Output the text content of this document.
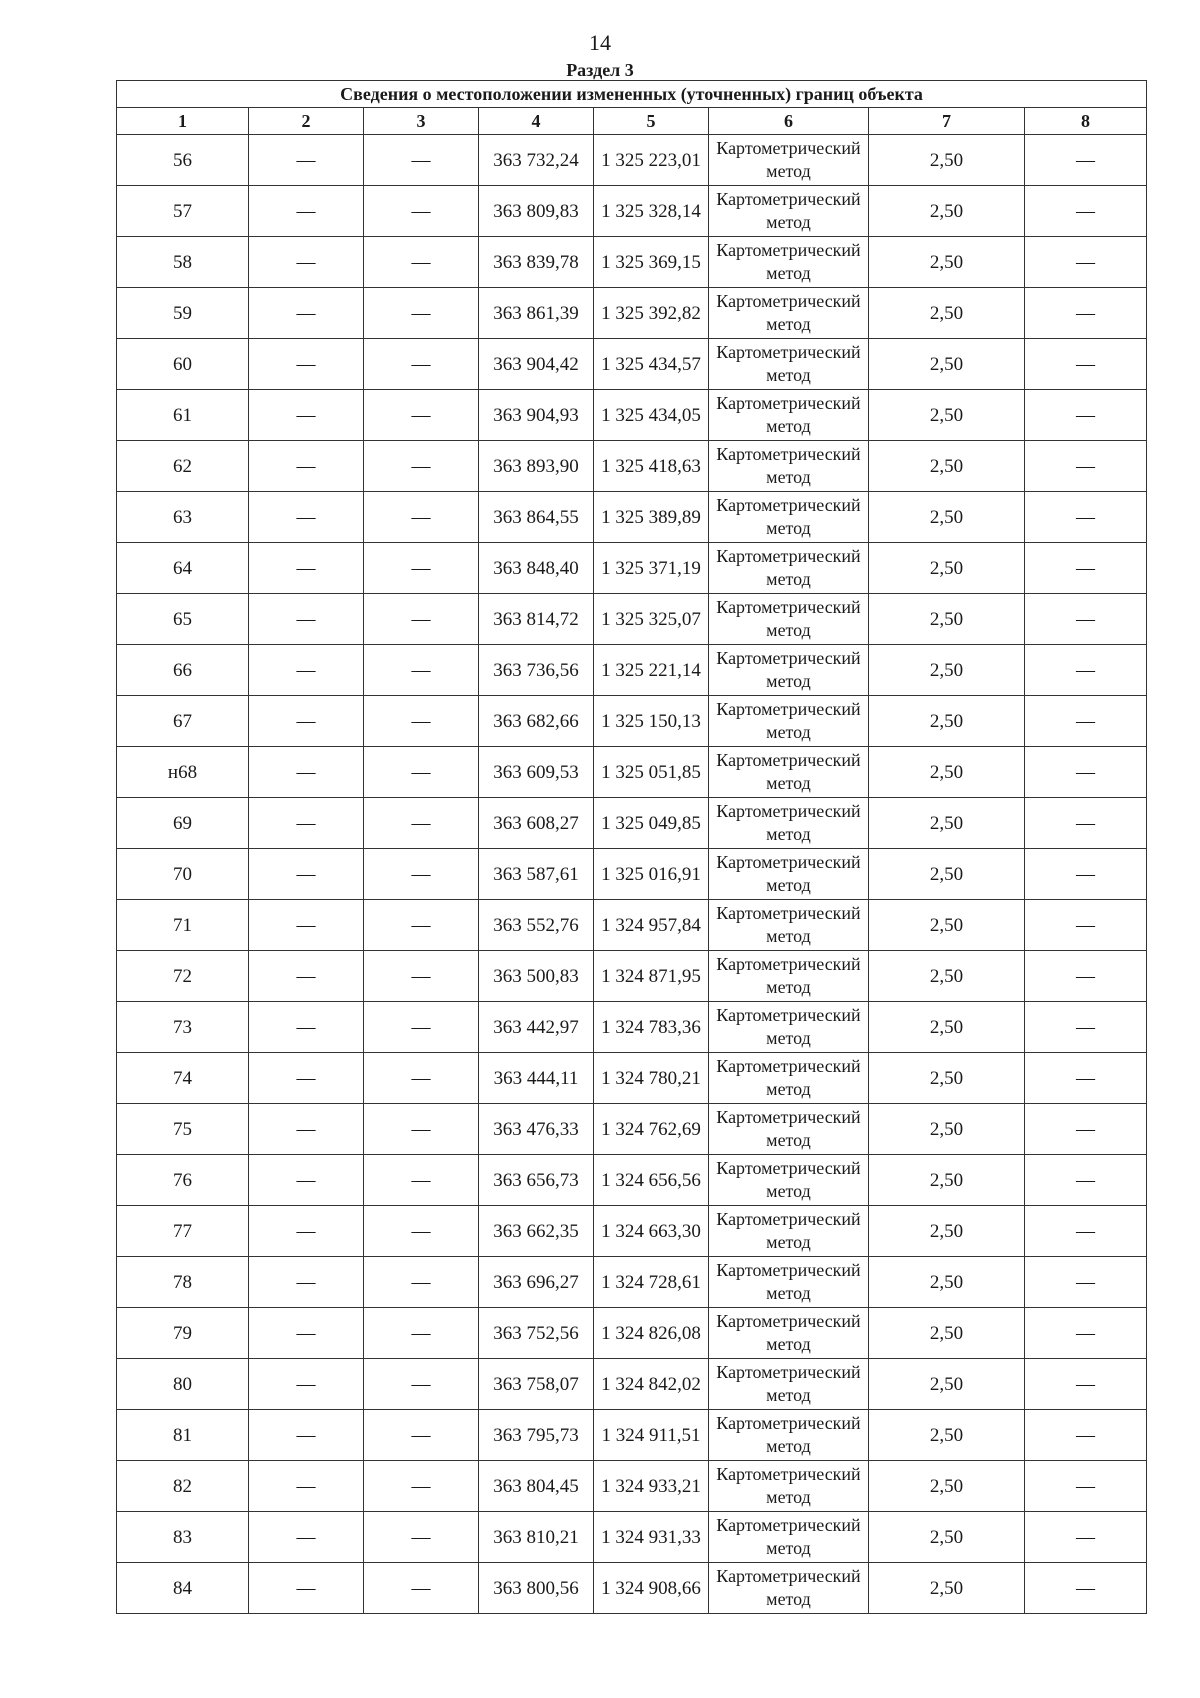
14
Раздел 3
Сведения о местоположении измененных (уточненных) границ объекта							
1	2	3	4	5	6	7	8
56	—	—	363 732,24	1 325 223,01	Картометрический метод	2,50	—
57	—	—	363 809,83	1 325 328,14	Картометрический метод	2,50	—
58	—	—	363 839,78	1 325 369,15	Картометрический метод	2,50	—
59	—	—	363 861,39	1 325 392,82	Картометрический метод	2,50	—
60	—	—	363 904,42	1 325 434,57	Картометрический метод	2,50	—
61	—	—	363 904,93	1 325 434,05	Картометрический метод	2,50	—
62	—	—	363 893,90	1 325 418,63	Картометрический метод	2,50	—
63	—	—	363 864,55	1 325 389,89	Картометрический метод	2,50	—
64	—	—	363 848,40	1 325 371,19	Картометрический метод	2,50	—
65	—	—	363 814,72	1 325 325,07	Картометрический метод	2,50	—
66	—	—	363 736,56	1 325 221,14	Картометрический метод	2,50	—
67	—	—	363 682,66	1 325 150,13	Картометрический метод	2,50	—
н68	—	—	363 609,53	1 325 051,85	Картометрический метод	2,50	—
69	—	—	363 608,27	1 325 049,85	Картометрический метод	2,50	—
70	—	—	363 587,61	1 325 016,91	Картометрический метод	2,50	—
71	—	—	363 552,76	1 324 957,84	Картометрический метод	2,50	—
72	—	—	363 500,83	1 324 871,95	Картометрический метод	2,50	—
73	—	—	363 442,97	1 324 783,36	Картометрический метод	2,50	—
74	—	—	363 444,11	1 324 780,21	Картометрический метод	2,50	—
75	—	—	363 476,33	1 324 762,69	Картометрический метод	2,50	—
76	—	—	363 656,73	1 324 656,56	Картометрический метод	2,50	—
77	—	—	363 662,35	1 324 663,30	Картометрический метод	2,50	—
78	—	—	363 696,27	1 324 728,61	Картометрический метод	2,50	—
79	—	—	363 752,56	1 324 826,08	Картометрический метод	2,50	—
80	—	—	363 758,07	1 324 842,02	Картометрический метод	2,50	—
81	—	—	363 795,73	1 324 911,51	Картометрический метод	2,50	—
82	—	—	363 804,45	1 324 933,21	Картометрический метод	2,50	—
83	—	—	363 810,21	1 324 931,33	Картометрический метод	2,50	—
84	—	—	363 800,56	1 324 908,66	Картометрический метод	2,50	—
